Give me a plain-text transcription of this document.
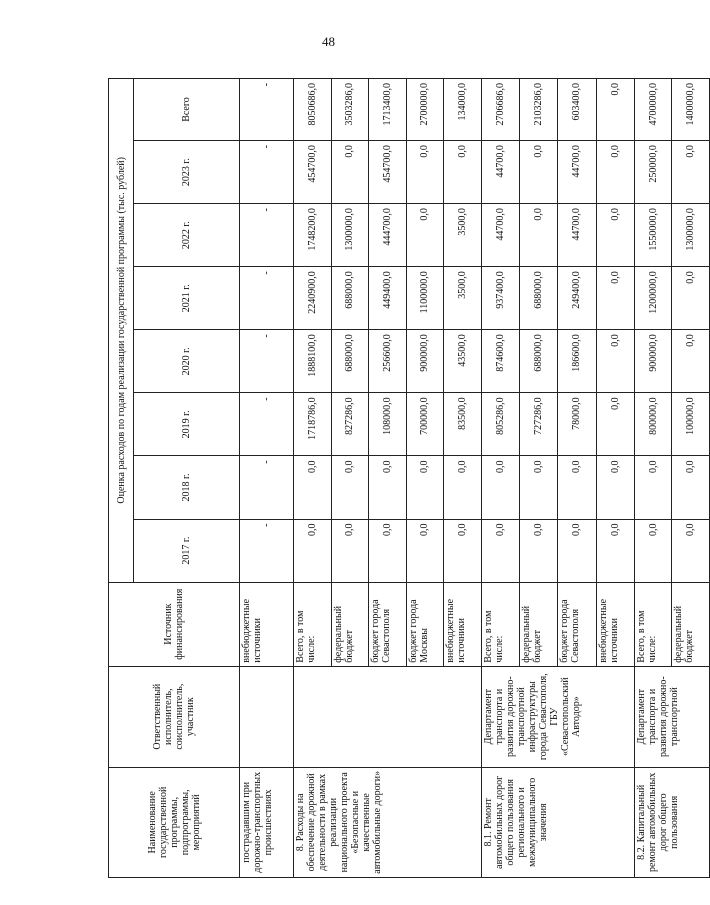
48
Наименование государственной программы, подпрограммы, мероприятий	Ответственный исполнитель, соисполнитель, участник	Источник финансирования	Оценка расходов по годам реализации государственной программы (тыс. рублей)							
			2017 г.	2018 г.	2019 г.	2020 г.	2021 г.	2022 г.	2023 г.	Всего
пострадавшим при дорожно-транспортных происшествиях		внебюджетные источники	-	-	-	-	-	-	-	-
8. Расходы на обеспечение дорожной деятельности в рамках реализации национального проекта «Безопасные и качественные автомобильные дороги»		Всего, в том числе:	0,0	0,0	1718786,0	1888100,0	2240900,0	1748200,0	454700,0	8050686,0
		федеральный бюджет	0,0	0,0	827286,0	688000,0	688000,0	1300000,0	0,0	3503286,0
		бюджет города Севастополя	0,0	0,0	108000,0	256600,0	449400,0	444700,0	454700,0	1713400,0
		бюджет города Москвы	0,0	0,0	700000,0	900000,0	1100000,0	0,0	0,0	2700000,0
		внебюджетные источники	0,0	0,0	83500,0	43500,0	3500,0	3500,0	0,0	134000,0
8.1. Ремонт автомобильных дорог общего пользования регионального и межмуниципального значения	Департамент транспорта и развития дорожно-транспортной инфраструктуры города Севастополя, ГБУ «Севастопольский Автодор»	Всего, в том числе:	0,0	0,0	805286,0	874600,0	937400,0	44700,0	44700,0	2706686,0
		федеральный бюджет	0,0	0,0	727286,0	688000,0	688000,0	0,0	0,0	2103286,0
		бюджет города Севастополя	0,0	0,0	78000,0	186600,0	249400,0	44700,0	44700,0	603400,0
		внебюджетные источники	0,0	0,0	0,0	0,0	0,0	0,0	0,0	0,0
8.2. Капитальный ремонт автомобильных дорог общего пользования	Департамент транспорта и развития дорожно-транспортной	Всего, в том числе:	0,0	0,0	800000,0	900000,0	1200000,0	1550000,0	250000,0	4700000,0
		федеральный бюджет	0,0	0,0	100000,0	0,0	0,0	1300000,0	0,0	1400000,0
